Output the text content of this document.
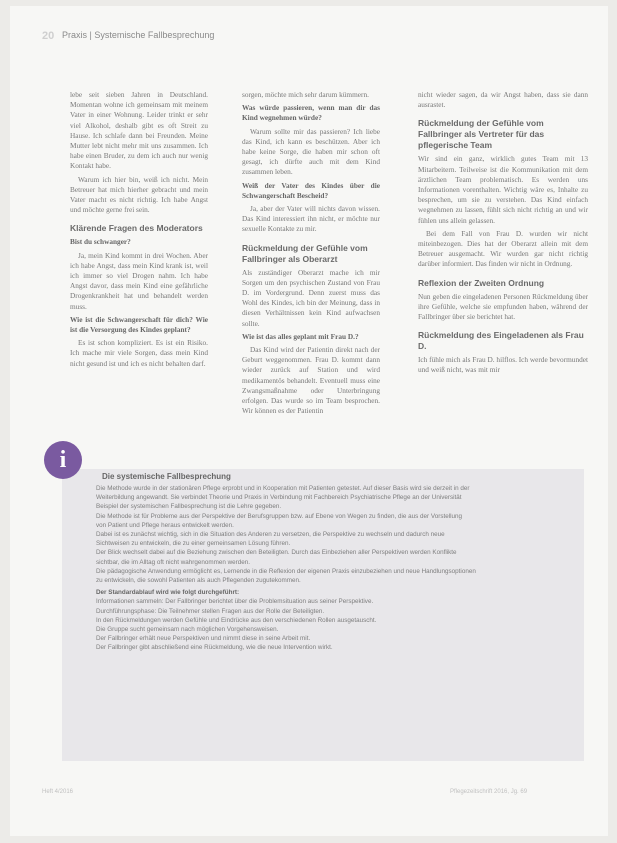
20 Praxis | Systemische Fallbesprechung

lebe seit sieben Jahren in Deutschland. Momentan wohne ich gemeinsam mit meinem Vater in einer Wohnung. Leider trinkt er sehr viel Alkohol, deshalb gibt es oft Streit zu Hause. Ich schlafe dann bei Freunden. Meine Mutter lebt nicht mehr mit uns zusammen. Ich habe einen Bruder, zu dem ich auch nur wenig Kontakt habe.

Warum ich hier bin, weiß ich nicht. Mein Betreuer hat mich hierher gebracht und mein Vater macht es nicht richtig. Ich habe Angst und möchte gerne frei sein.

Klärende Fragen des Moderators

Bist du schwanger?

Ja, mein Kind kommt in drei Wochen. Aber ich habe Angst, dass mein Kind krank ist, weil ich immer so viel Drogen nahm. Ich habe Angst davor, dass mein Kind eine gefährliche Drogenkrankheit hat und behandelt werden muss.

Wie ist die Schwangerschaft für dich? Wie ist die Versorgung des Kindes geplant?

Es ist schon kompliziert. Es ist ein Risiko. Ich mache mir viele Sorgen, dass mein Kind nicht gesund ist und ich es nicht behalten darf.

sorgen, möchte mich sehr darum kümmern.

Was würde passieren, wenn man dir das Kind wegnehmen würde?

Warum sollte mir das passieren? Ich liebe das Kind, ich kann es beschützen. Aber ich habe keine Sorge, die haben mir schon oft gesagt, ich dürfte auch mit dem Kind zusammen leben.

Weiß der Vater des Kindes über die Schwangerschaft Bescheid?

Ja, aber der Vater will nichts davon wissen. Das Kind interessiert ihn nicht, er möchte nur sexuelle Kontakte zu mir.

Rückmeldung der Gefühle vom Fallbringer als Oberarzt

Als zuständiger Oberarzt mache ich mir Sorgen um den psychischen Zustand von Frau D. im Vordergrund. Denn zuerst muss das Wohl des Kindes, ich bin der Meinung, dass in diesen Verhältnissen kein Kind aufwachsen sollte.

Wie ist das alles geplant mit Frau D.?

Das Kind wird der Patientin direkt nach der Geburt weggenommen. Frau D. kommt dann wieder zurück auf Station und wird medikamentös behandelt. Eventuell muss eine Zwangsmaßnahme oder Unterbringung erfolgen. Das wurde so im Team besprochen. Wir können es der Patientin

nicht wieder sagen, da wir Angst haben, dass sie dann ausrastet.

Rückmeldung der Gefühle vom Fallbringer als Vertreter für das pflegerische Team

Wir sind ein ganz, wirklich gutes Team mit 13 Mitarbeitern. Teilweise ist die Kommunikation mit dem ärztlichen Team problematisch. Es werden uns Informationen vorenthalten. Wichtig wäre es, Inhalte zu besprechen, um sie zu verstehen. Das Kind einfach wegnehmen zu lassen, fühlt sich nicht richtig an und wir fühlen uns allein gelassen.

Bei dem Fall von Frau D. wurden wir nicht miteinbezogen. Dies hat der Oberarzt allein mit dem Betreuer ausgemacht. Wir wurden gar nicht richtig darüber informiert. Das finden wir nicht in Ordnung.

Reflexion der Zweiten Ordnung

Nun geben die eingeladenen Personen Rückmeldung über ihre Gefühle, welche sie empfunden haben, während der Fallbringer über sie berichtet hat.

Rückmeldung des Eingeladenen als Frau D.

Ich fühle mich als Frau D. hilflos. Ich werde bevormundet und weiß nicht, was mit mir

Die systemische Fallbesprechung

Die Methode wurde in der stationären Pflege erprobt und in Kooperation mit Patienten getestet. Auf dieser Basis wird sie derzeit in der

Weiterbildung angewandt. Sie verbindet Theorie und Praxis in Verbindung mit Fachbereich Psychiatrische Pflege an der Universität

Beispiel der systemischen Fallbesprechung ist die Lehre gegeben.

Die Methode ist für Probleme aus der Perspektive der Berufsgruppen bzw. auf Ebene von Wegen zu finden, die aus der Vorstellung

von Patient und Pflege heraus entwickelt werden.

Dabei ist es zunächst wichtig, sich in die Situation des Anderen zu versetzen, die Perspektive zu wechseln und dadurch neue

Sichtweisen zu entwickeln, die zu einer gemeinsamen Lösung führen.

Der Blick wechselt dabei auf die Beziehung zwischen den Beteiligten. Durch das Einbeziehen aller Perspektiven werden Konflikte

sichtbar, die im Alltag oft nicht wahrgenommen werden.

Die pädagogische Anwendung ermöglicht es, Lernende in die Reflexion der eigenen Praxis einzubeziehen und neue Handlungsoptionen

zu entwickeln, die sowohl Patienten als auch Pflegenden zugutekommen.

Der Standardablauf wird wie folgt durchgeführt:

Informationen sammeln: Der Fallbringer berichtet über die Problemsituation aus seiner Perspektive.

Durchführungsphase: Die Teilnehmer stellen Fragen aus der Rolle der Beteiligten.

In den Rückmeldungen werden Gefühle und Eindrücke aus den verschiedenen Rollen ausgetauscht.

Die Gruppe sucht gemeinsam nach möglichen Vorgehensweisen.

Der Fallbringer erhält neue Perspektiven und nimmt diese in seine Arbeit mit.

Der Fallbringer gibt abschließend eine Rückmeldung, wie die neue Intervention wirkt.

i
Heft 4/2016	Pflegezeitschrift 2016, Jg. 69
